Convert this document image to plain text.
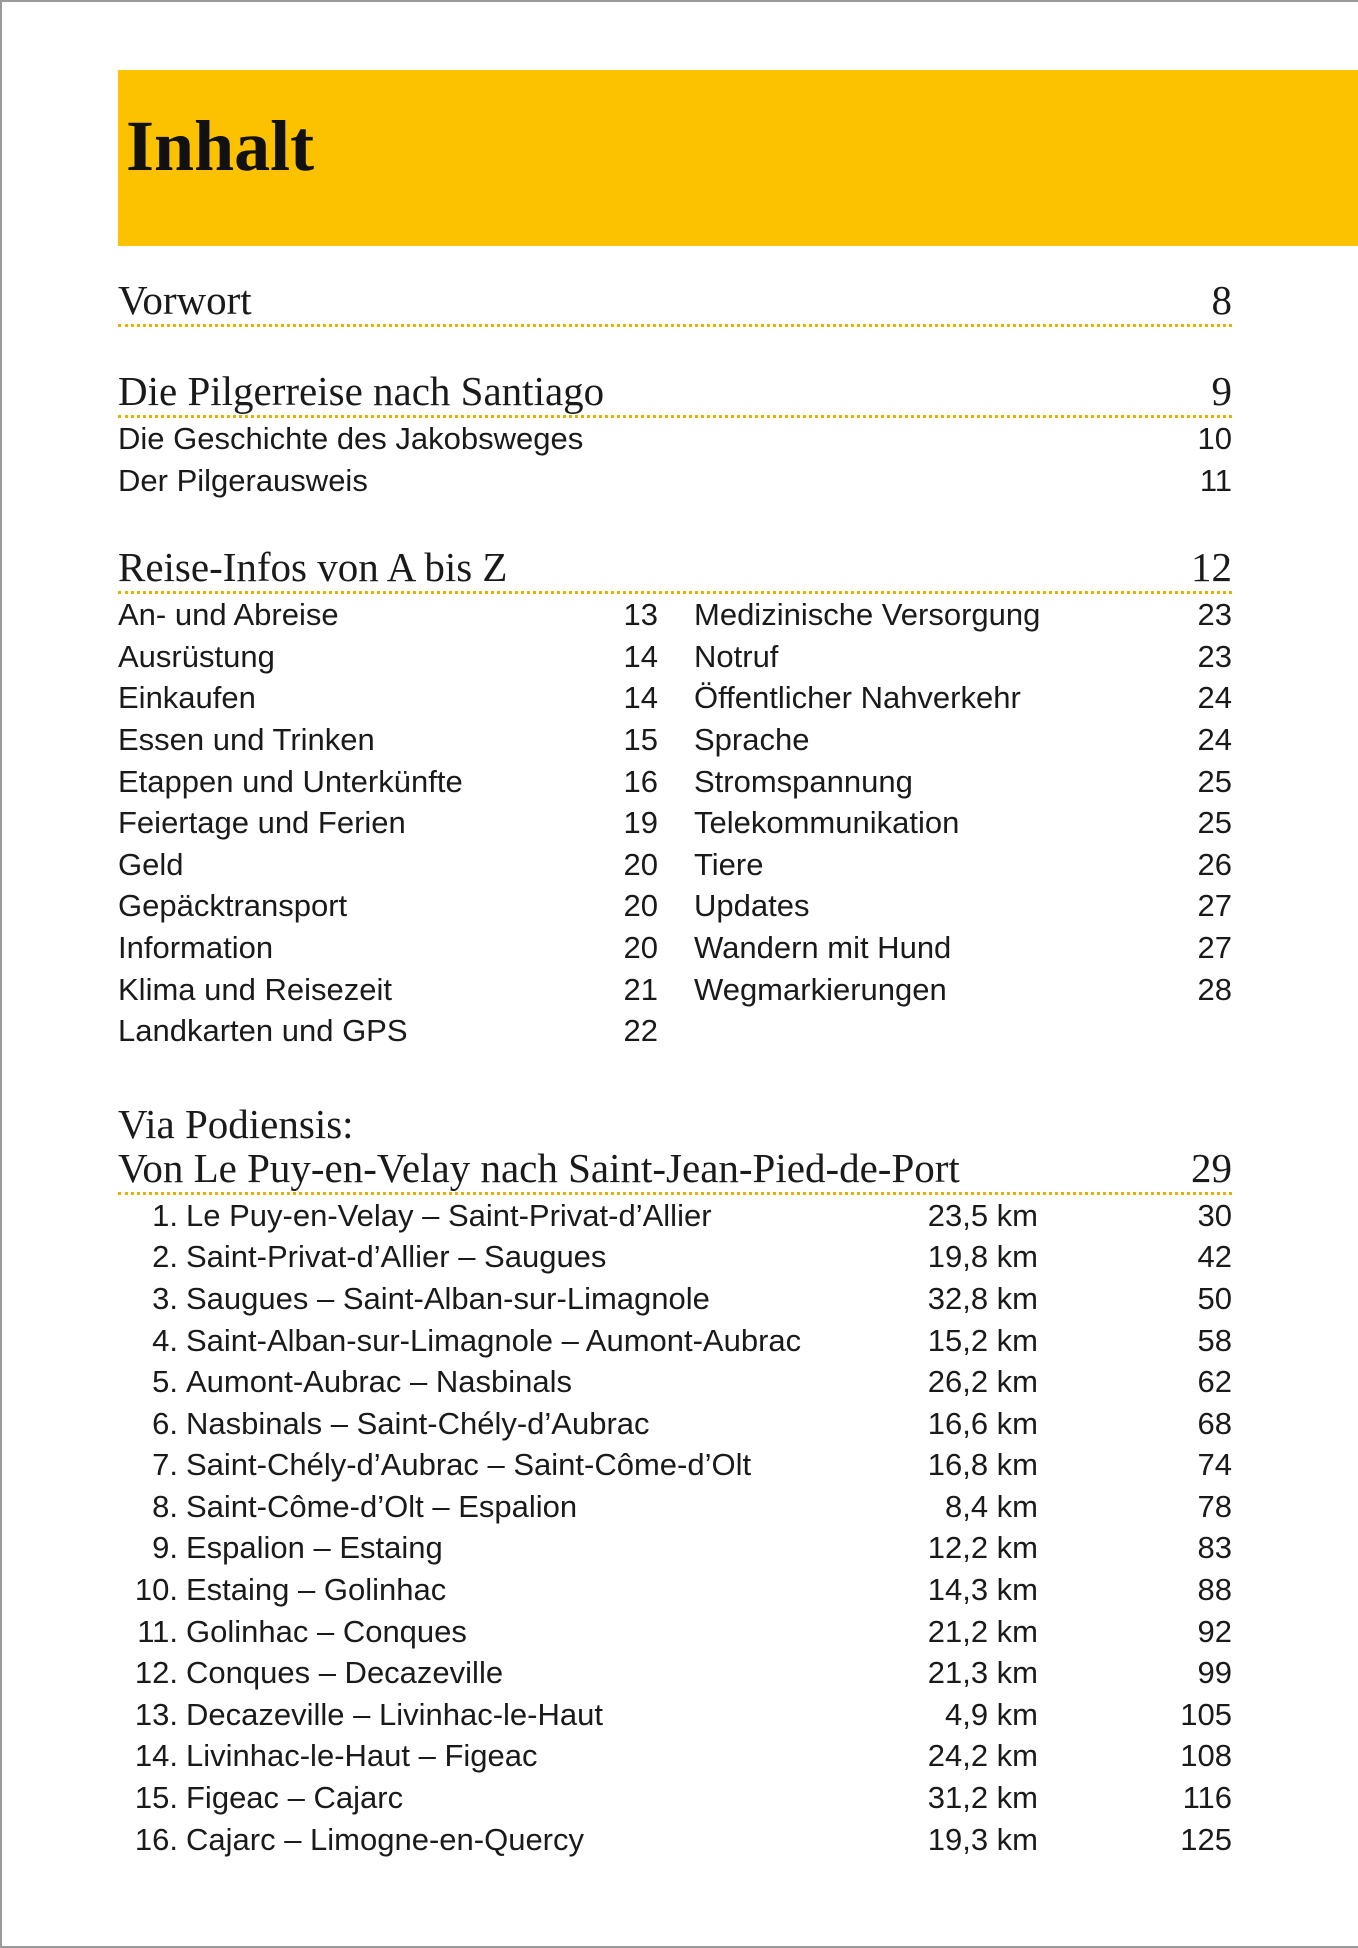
Inhalt
Vorwort	8
Die Pilgerreise nach Santiago	9
Die Geschichte des Jakobsweges	10
Der Pilgerausweis	11
Reise-Infos von A bis Z	12
An- und Abreise	13
Ausrüstung	14
Einkaufen	14
Essen und Trinken	15
Etappen und Unterkünfte	16
Feiertage und Ferien	19
Geld	20
Gepäcktransport	20
Information	20
Klima und Reisezeit	21
Landkarten und GPS	22
Medizinische Versorgung	23
Notruf	23
Öffentlicher Nahverkehr	24
Sprache	24
Stromspannung	25
Telekommunikation	25
Tiere	26
Updates	27
Wandern mit Hund	27
Wegmarkierungen	28
Via Podiensis:
Von Le Puy-en-Velay nach Saint-Jean-Pied-de-Port	29
1. Le Puy-en-Velay – Saint-Privat-d’Allier	23,5 km	30
2. Saint-Privat-d’Allier – Saugues	19,8 km	42
3. Saugues – Saint-Alban-sur-Limagnole	32,8 km	50
4. Saint-Alban-sur-Limagnole – Aumont-Aubrac	15,2 km	58
5. Aumont-Aubrac – Nasbinals	26,2 km	62
6. Nasbinals – Saint-Chély-d’Aubrac	16,6 km	68
7. Saint-Chély-d’Aubrac – Saint-Côme-d’Olt	16,8 km	74
8. Saint-Côme-d’Olt – Espalion	8,4 km	78
9. Espalion – Estaing	12,2 km	83
10. Estaing – Golinhac	14,3 km	88
11. Golinhac – Conques	21,2 km	92
12. Conques – Decazeville	21,3 km	99
13. Decazeville – Livinhac-le-Haut	4,9 km	105
14. Livinhac-le-Haut – Figeac	24,2 km	108
15. Figeac – Cajarc	31,2 km	116
16. Cajarc – Limogne-en-Quercy	19,3 km	125
